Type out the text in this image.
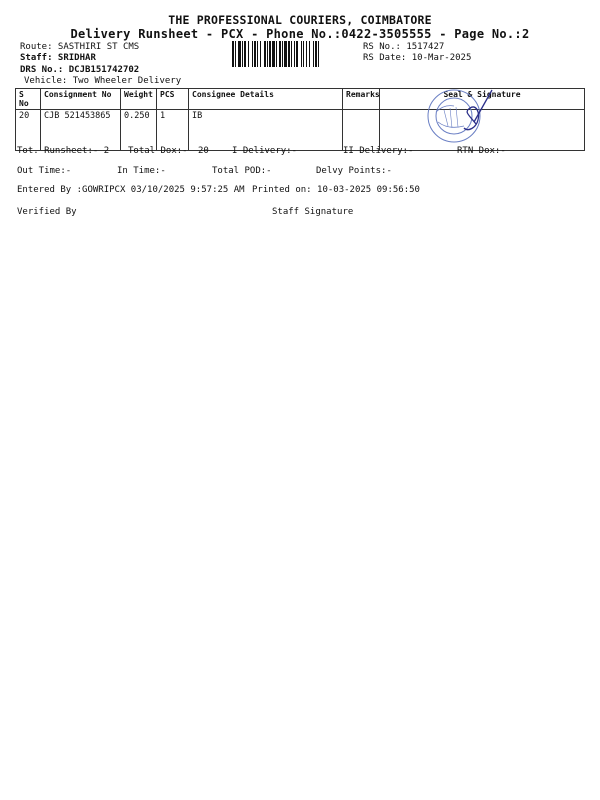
THE PROFESSIONAL COURIERS, COIMBATORE
Delivery Runsheet - PCX - Phone No.:0422-3505555 - Page No.:2
Route: SASTHIRI ST CMS
Staff: SRIDHAR
DRS No.: DCJB151742702
Vehicle: Two Wheeler Delivery
RS No.: 1517427
RS Date: 10-Mar-2025
S No	Consignment No	Weight	PCS	Consignee Details	Remarks	Seal & Signature
20	CJB 521453865	0.250	1	IB		
Tot. Runsheet:- 2 Total Dox:- 20	I Delivery:-	II Delivery:-	RTN Dox:-
Out Time:-	In Time:-	Total POD:-	Delvy Points:-
Entered By :GOWRIPCX 03/10/2025 9:57:25 AM Printed on: 10-03-2025 09:56:50
Verified By	Staff Signature
